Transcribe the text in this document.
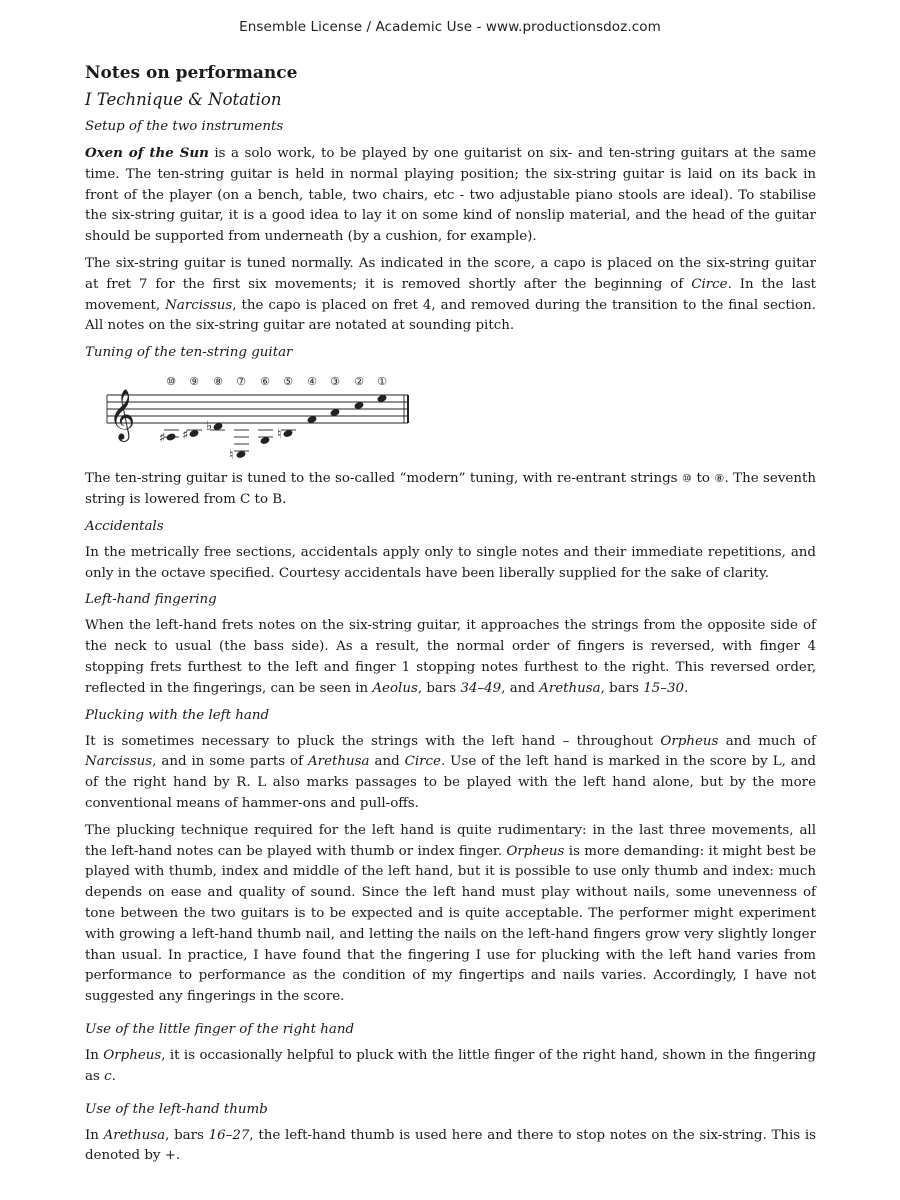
Ensemble License / Academic Use - www.productionsdoz.com
Notes on performance
I Technique & Notation
Setup of the two instruments

Oxen of the Sun is a solo work, to be played by one guitarist on six- and ten-string guitars at the same time. The ten-string guitar is held in normal playing position; the six-string guitar is laid on its back in front of the player (on a bench, table, two chairs, etc - two adjustable piano stools are ideal). To stabilise the six-string guitar, it is a good idea to lay it on some kind of nonslip material, and the head of the guitar should be supported from underneath (by a cushion, for example).

The six-string guitar is tuned normally. As indicated in the score, a capo is placed on the six-string guitar at fret 7 for the first six movements; it is removed shortly after the beginning of Circe. In the last movement, Narcissus, the capo is placed on fret 4, and removed during the transition to the final section. All notes on the six-string guitar are notated at sounding pitch.

Tuning of the ten-string guitar
⑩ ⑨ ⑧ ⑦ ⑥ ⑤ ④ ③ ② ①
𝄞 ♯ ♯
♭
♮
♮

The ten-string guitar is tuned to the so-called “modern” tuning, with re-entrant strings ⑩ to ⑧. The seventh string is lowered from C to B.

Accidentals

In the metrically free sections, accidentals apply only to single notes and their immediate repetitions, and only in the octave specified. Courtesy accidentals have been liberally supplied for the sake of clarity.

Left-hand fingering

When the left-hand frets notes on the six-string guitar, it approaches the strings from the opposite side of the neck to usual (the bass side). As a result, the normal order of fingers is reversed, with finger 4 stopping frets furthest to the left and finger 1 stopping notes furthest to the right. This reversed order, reflected in the fingerings, can be seen in Aeolus, bars 34–49, and Arethusa, bars 15–30.

Plucking with the left hand

It is sometimes necessary to pluck the strings with the left hand – throughout Orpheus and much of Narcissus, and in some parts of Arethusa and Circe. Use of the left hand is marked in the score by L, and of the right hand by R. L also marks passages to be played with the left hand alone, but by the more conventional means of hammer-ons and pull-offs.

The plucking technique required for the left hand is quite rudimentary: in the last three movements, all the left-hand notes can be played with thumb or index finger. Orpheus is more demanding: it might best be played with thumb, index and middle of the left hand, but it is possible to use only thumb and index: much depends on ease and quality of sound. Since the left hand must play without nails, some unevenness of tone between the two guitars is to be expected and is quite acceptable. The performer might experiment with growing a left-hand thumb nail, and letting the nails on the left-hand fingers grow very slightly longer than usual. In practice, I have found that the fingering I use for plucking with the left hand varies from performance to performance as the condition of my fingertips and nails varies. Accordingly, I have not suggested any fingerings in the score.

Use of the little finger of the right hand

In Orpheus, it is occasionally helpful to pluck with the little finger of the right hand, shown in the fingering as c.

Use of the left-hand thumb

In Arethusa, bars 16–27, the left-hand thumb is used here and there to stop notes on the six-string. This is denoted by +.
